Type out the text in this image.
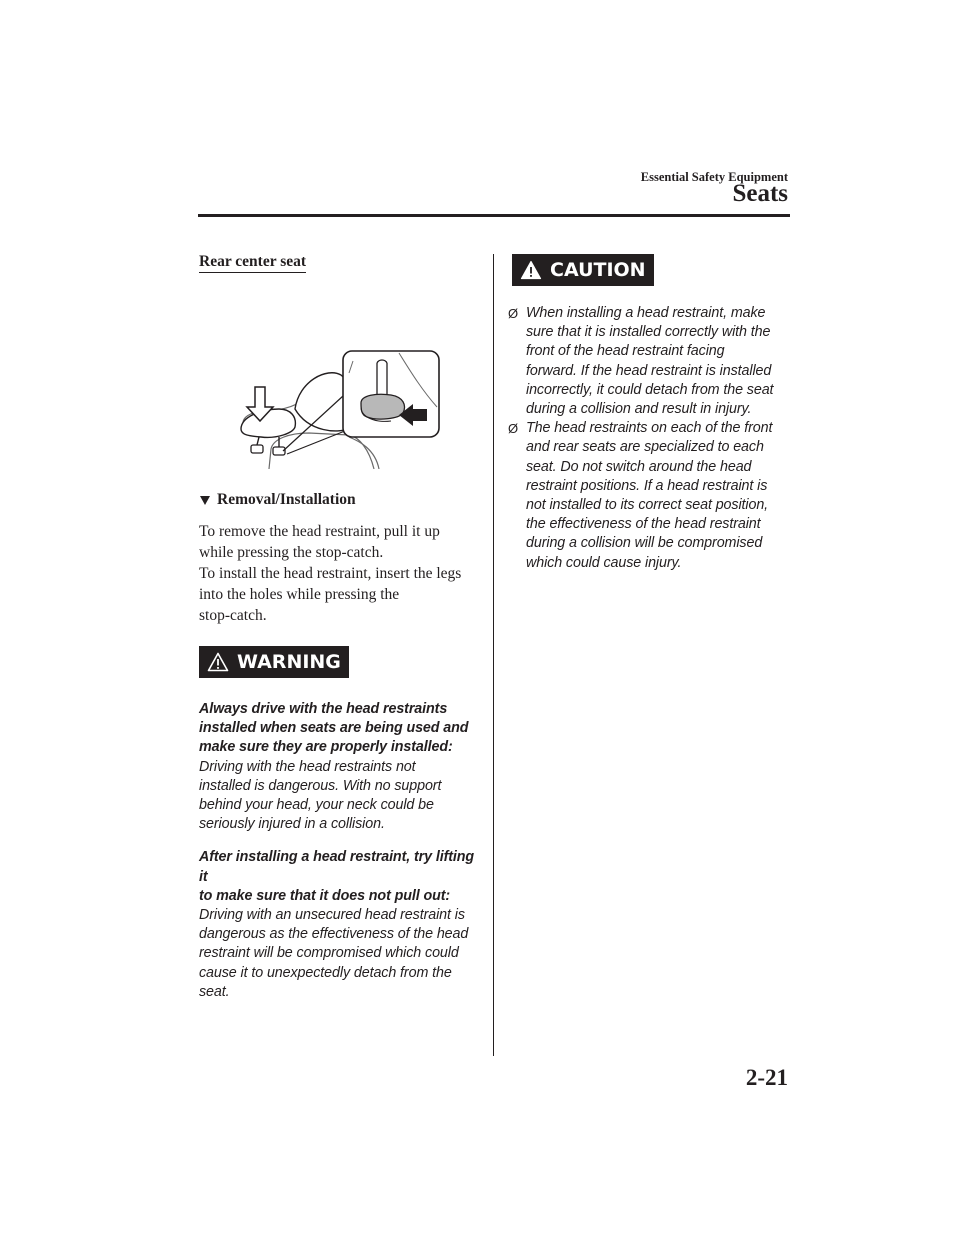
Essential Safety Equipment
Seats
Rear center seat
Removal/Installation

To remove the head restraint, pull it up

while pressing the stop-catch.

To install the head restraint, insert the legs

into the holes while pressing the

stop-catch.

WARNING

Always drive with the head restraints

installed when seats are being used and

make sure they are properly installed:

Driving with the head restraints not

installed is dangerous. With no support

behind your head, your neck could be

seriously injured in a collision.

After installing a head restraint, try lifting it

to make sure that it does not pull out:

Driving with an unsecured head restraint is

dangerous as the effectiveness of the head

restraint will be compromised which could

cause it to unexpectedly detach from the

seat.

CAUTION
Ø When installing a head restraint, make
sure that it is installed correctly with the
front of the head restraint facing
forward. If the head restraint is installed
incorrectly, it could detach from the seat
during a collision and result in injury.
Ø The head restraints on each of the front
and rear seats are specialized to each
seat. Do not switch around the head
restraint positions. If a head restraint is
not installed to its correct seat position,
the effectiveness of the head restraint
during a collision will be compromised
which could cause injury.
2-21
